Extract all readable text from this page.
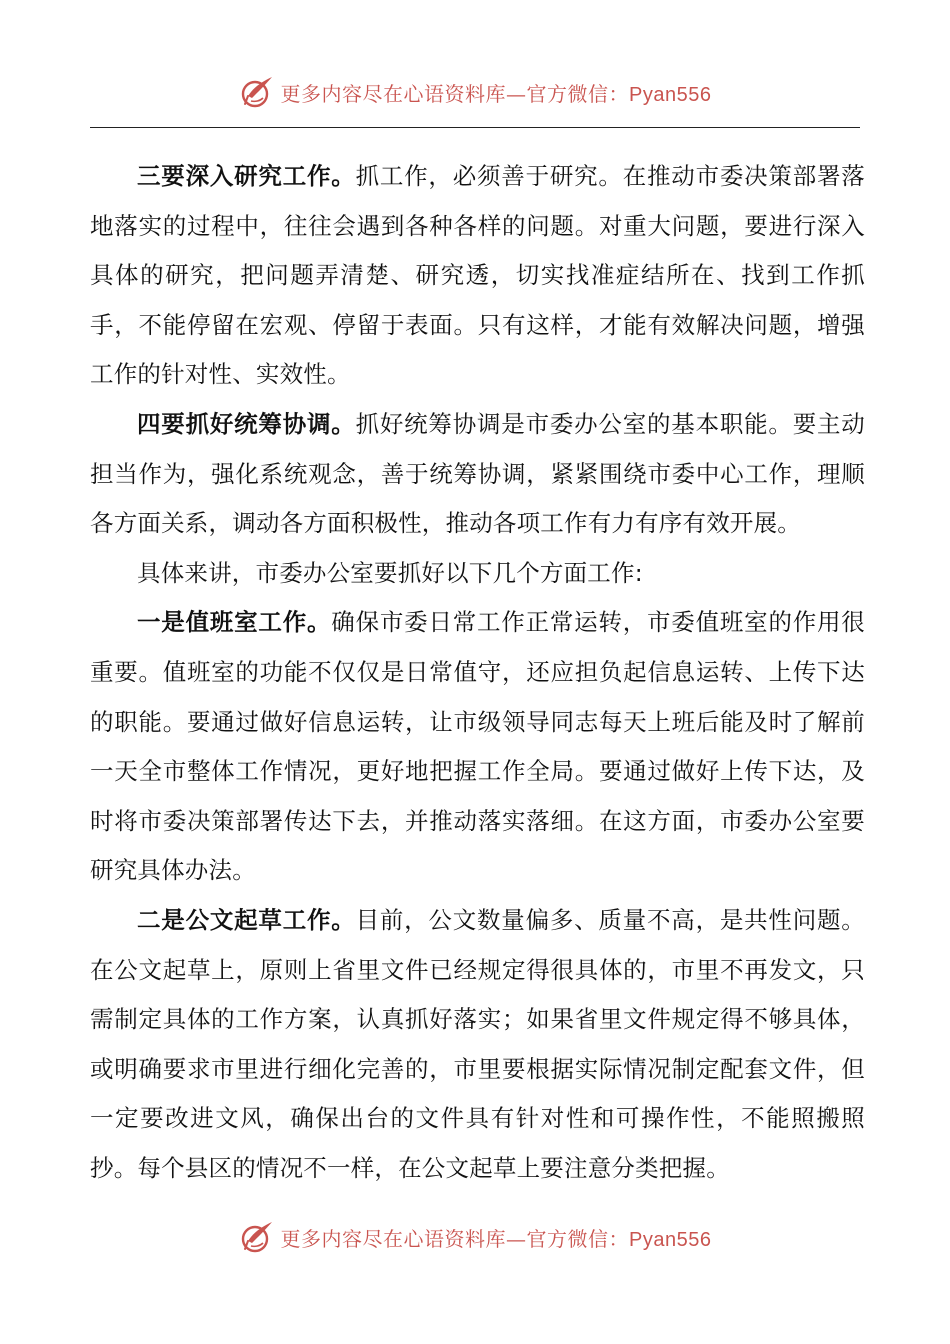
更多内容尽在心语资料库—官方微信：Pyan556

三要深入研究工作。抓工作，必须善于研究。在推动市委决策部署落地落实的过程中，往往会遇到各种各样的问题。对重大问题，要进行深入具体的研究，把问题弄清楚、研究透，切实找准症结所在、找到工作抓手，不能停留在宏观、停留于表面。只有这样，才能有效解决问题，增强工作的针对性、实效性。

四要抓好统筹协调。抓好统筹协调是市委办公室的基本职能。要主动担当作为，强化系统观念，善于统筹协调，紧紧围绕市委中心工作，理顺各方面关系，调动各方面积极性，推动各项工作有力有序有效开展。

具体来讲，市委办公室要抓好以下几个方面工作:

一是值班室工作。确保市委日常工作正常运转，市委值班室的作用很重要。值班室的功能不仅仅是日常值守，还应担负起信息运转、上传下达的职能。要通过做好信息运转，让市级领导同志每天上班后能及时了解前一天全市整体工作情况，更好地把握工作全局。要通过做好上传下达，及时将市委决策部署传达下去，并推动落实落细。在这方面，市委办公室要研究具体办法。

二是公文起草工作。目前，公文数量偏多、质量不高，是共性问题。在公文起草上，原则上省里文件已经规定得很具体的，市里不再发文，只需制定具体的工作方案，认真抓好落实；如果省里文件规定得不够具体，或明确要求市里进行细化完善的，市里要根据实际情况制定配套文件，但一定要改进文风，确保出台的文件具有针对性和可操作性，不能照搬照抄。每个县区的情况不一样，在公文起草上要注意分类把握。

更多内容尽在心语资料库—官方微信：Pyan556
